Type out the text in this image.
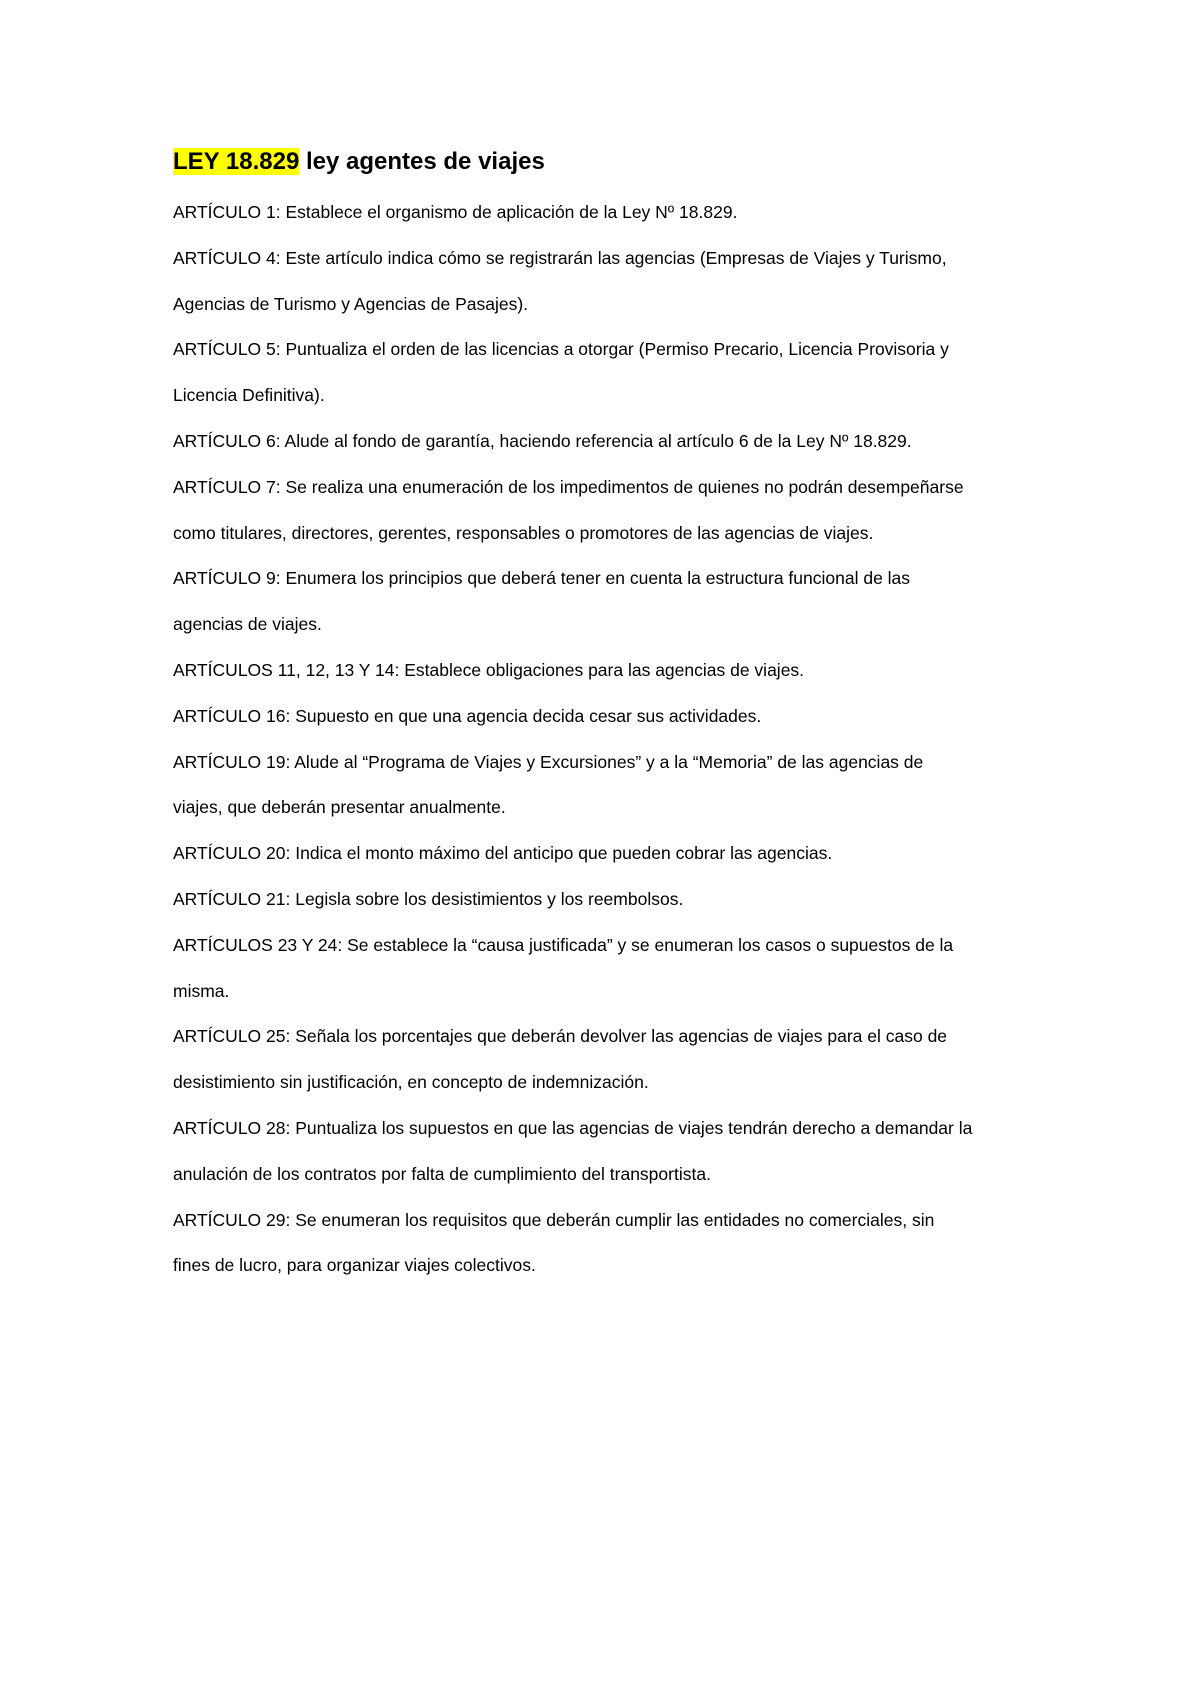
LEY 18.829 ley agentes de viajes

ARTÍCULO 1: Establece el organismo de aplicación de la Ley Nº 18.829.

ARTÍCULO 4: Este artículo indica cómo se registrarán las agencias (Empresas de Viajes y Turismo, Agencias de Turismo y Agencias de Pasajes).

ARTÍCULO 5: Puntualiza el orden de las licencias a otorgar (Permiso Precario, Licencia Provisoria y Licencia Definitiva).

ARTÍCULO 6: Alude al fondo de garantía, haciendo referencia al artículo 6 de la Ley Nº 18.829.

ARTÍCULO 7: Se realiza una enumeración de los impedimentos de quienes no podrán desempeñarse como titulares, directores, gerentes, responsables o promotores de las agencias de viajes.

ARTÍCULO 9: Enumera los principios que deberá tener en cuenta la estructura funcional de las agencias de viajes.

ARTÍCULOS 11, 12, 13 Y 14: Establece obligaciones para las agencias de viajes.

ARTÍCULO 16: Supuesto en que una agencia decida cesar sus actividades.

ARTÍCULO 19: Alude al “Programa de Viajes y Excursiones” y a la “Memoria” de las agencias de viajes, que deberán presentar anualmente.

ARTÍCULO 20: Indica el monto máximo del anticipo que pueden cobrar las agencias.

ARTÍCULO 21: Legisla sobre los desistimientos y los reembolsos.

ARTÍCULOS 23 Y 24: Se establece la “causa justificada” y se enumeran los casos o supuestos de la misma.

ARTÍCULO 25: Señala los porcentajes que deberán devolver las agencias de viajes para el caso de desistimiento sin justificación, en concepto de indemnización.

ARTÍCULO 28: Puntualiza los supuestos en que las agencias de viajes tendrán derecho a demandar la anulación de los contratos por falta de cumplimiento del transportista.

ARTÍCULO 29: Se enumeran los requisitos que deberán cumplir las entidades no comerciales, sin fines de lucro, para organizar viajes colectivos.
